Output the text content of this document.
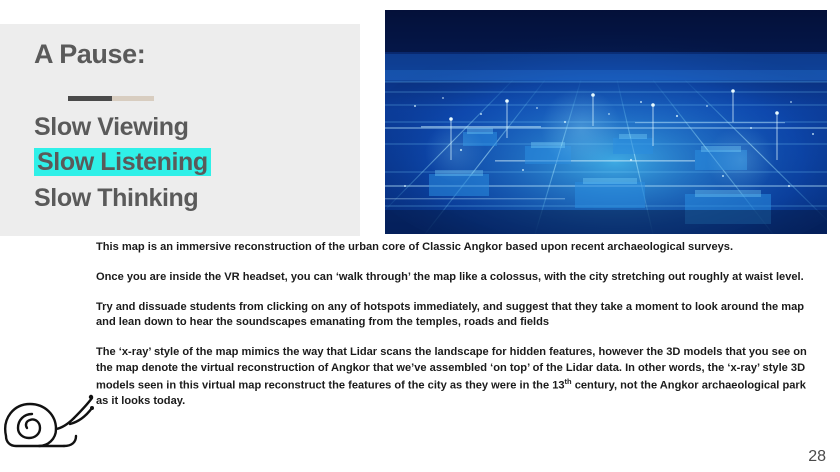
A Pause:

Slow Viewing

Slow Listening

Slow Thinking

This map is an immersive reconstruction of the urban core of Classic Angkor based upon recent archaeological surveys.

Once you are inside the VR headset, you can ‘walk through’ the map like a colossus, with the city stretching out roughly at waist level.

Try and dissuade students from clicking on any of hotspots immediately, and suggest that they take a moment to look around the map and lean down to hear the soundscapes emanating from the temples, roads and fields

The ‘x-ray’ style of the map mimics the way that Lidar scans the landscape for hidden features, however the 3D models that you see on the map denote the virtual reconstruction of Angkor that we’ve assembled ‘on top’ of the Lidar data. In other words, the ‘x-ray’ style 3D models seen in this virtual map reconstruct the features of the city as they were in the 13th century, not the Angkor archaeological park as it looks today.

28
